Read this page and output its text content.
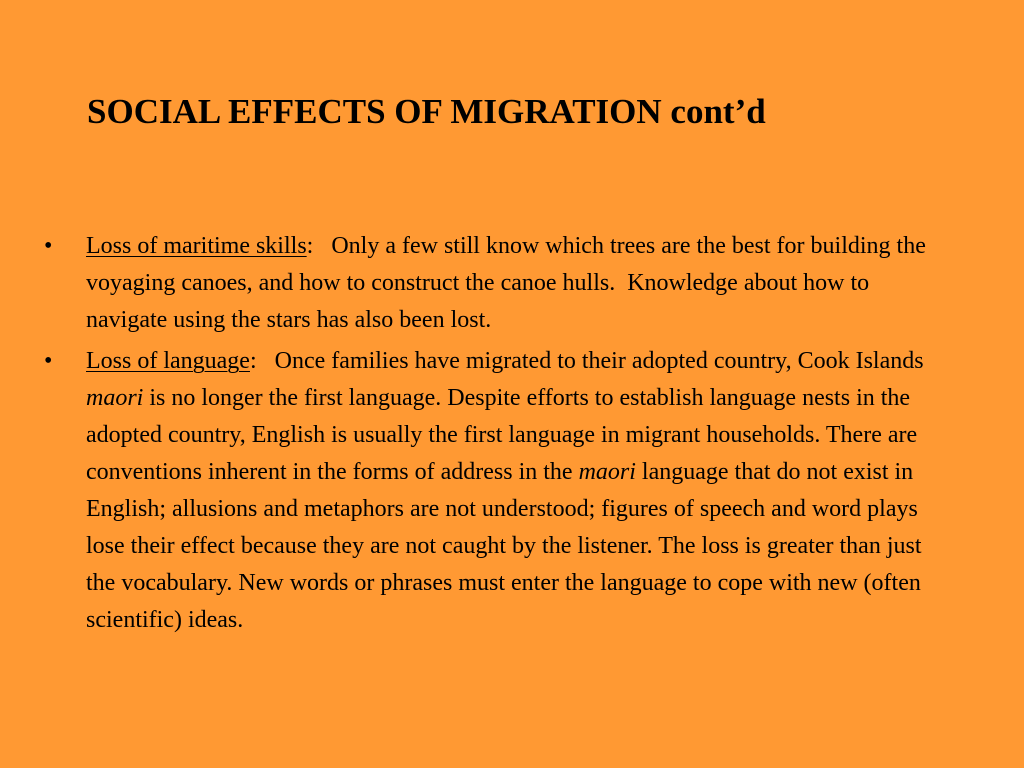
SOCIAL EFFECTS OF MIGRATION cont’d
• Loss of maritime skills:   Only a few still know which trees are the best for building the voyaging canoes, and how to construct the canoe hulls.  Knowledge about how to navigate using the stars has also been lost.
• Loss of language:   Once families have migrated to their adopted country, Cook Islands maori is no longer the first language. Despite efforts to establish language nests in the adopted country, English is usually the first language in migrant households. There are conventions inherent in the forms of address in the maori language that do not exist in English; allusions and metaphors are not understood; figures of speech and word plays lose their effect because they are not caught by the listener. The loss is greater than just the vocabulary. New words or phrases must enter the language to cope with new (often scientific) ideas.
